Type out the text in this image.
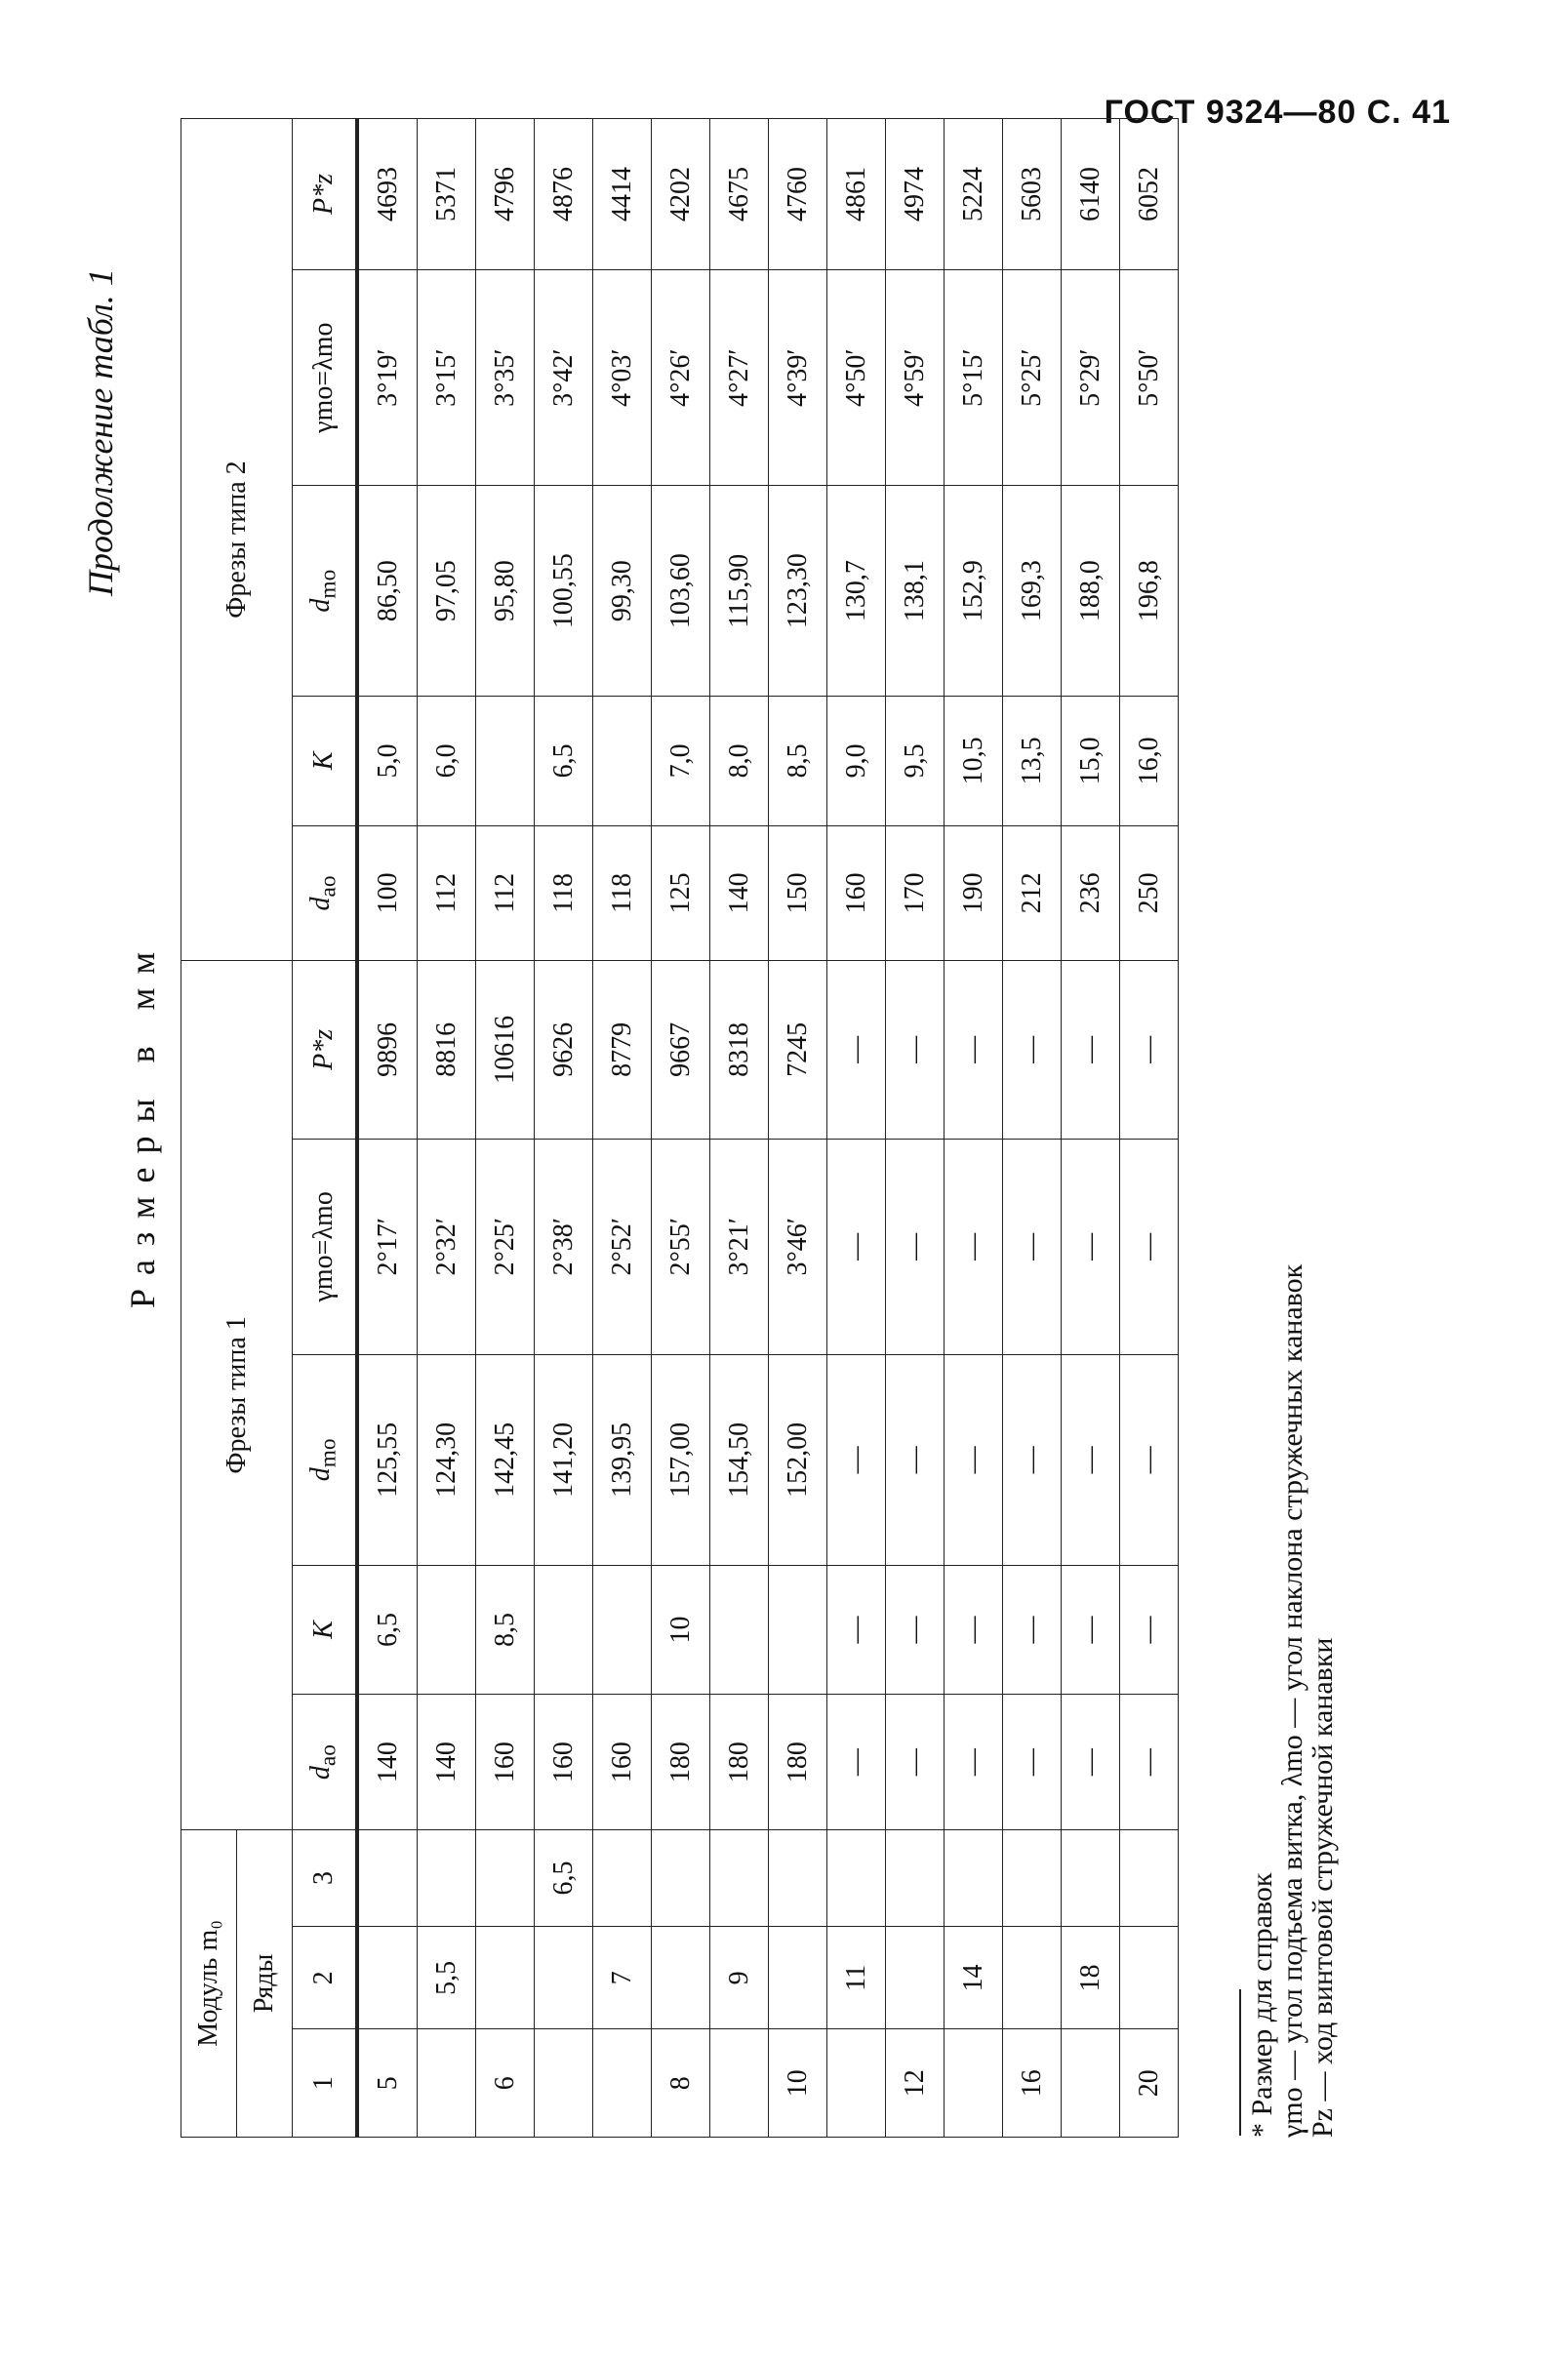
ГОСТ 9324—80 С. 41
Продолжение табл. 1
Размеры в мм
Модуль m₀			Фрезы типа 1					Фрезы типа 2				
Ряды												
1	2	3	$d_{ao}$	K	$d_{mo}$	γmo=λmo	P*z	$d_{ao}$	K	$d_{mo}$	γmo=λmo	P*z
5			140	6,5	125,55	2°17′	9896	100	5,0	86,50	3°19′	4693
	5,5		140		124,30	2°32′	8816	112	6,0	97,05	3°15′	5371
6			160	8,5	142,45	2°25′	10616	112		95,80	3°35′	4796
		6,5	160		141,20	2°38′	9626	118	6,5	100,55	3°42′	4876
	7		160		139,95	2°52′	8779	118		99,30	4°03′	4414
8			180	10	157,00	2°55′	9667	125	7,0	103,60	4°26′	4202
	9		180		154,50	3°21′	8318	140	8,0	115,90	4°27′	4675
10			180		152,00	3°46′	7245	150	8,5	123,30	4°39′	4760
	11		—	—	—	—	—	160	9,0	130,7	4°50′	4861
12			—	—	—	—	—	170	9,5	138,1	4°59′	4974
	14		—	—	—	—	—	190	10,5	152,9	5°15′	5224
16			—	—	—	—	—	212	13,5	169,3	5°25′	5603
	18		—	—	—	—	—	236	15,0	188,0	5°29′	6140
20			—	—	—	—	—	250	16,0	196,8	5°50′	6052
* Размер для справок
γmo — угол подъема витка, λmo — угол наклона стружечных канавок
Pz — ход винтовой стружечной канавки
